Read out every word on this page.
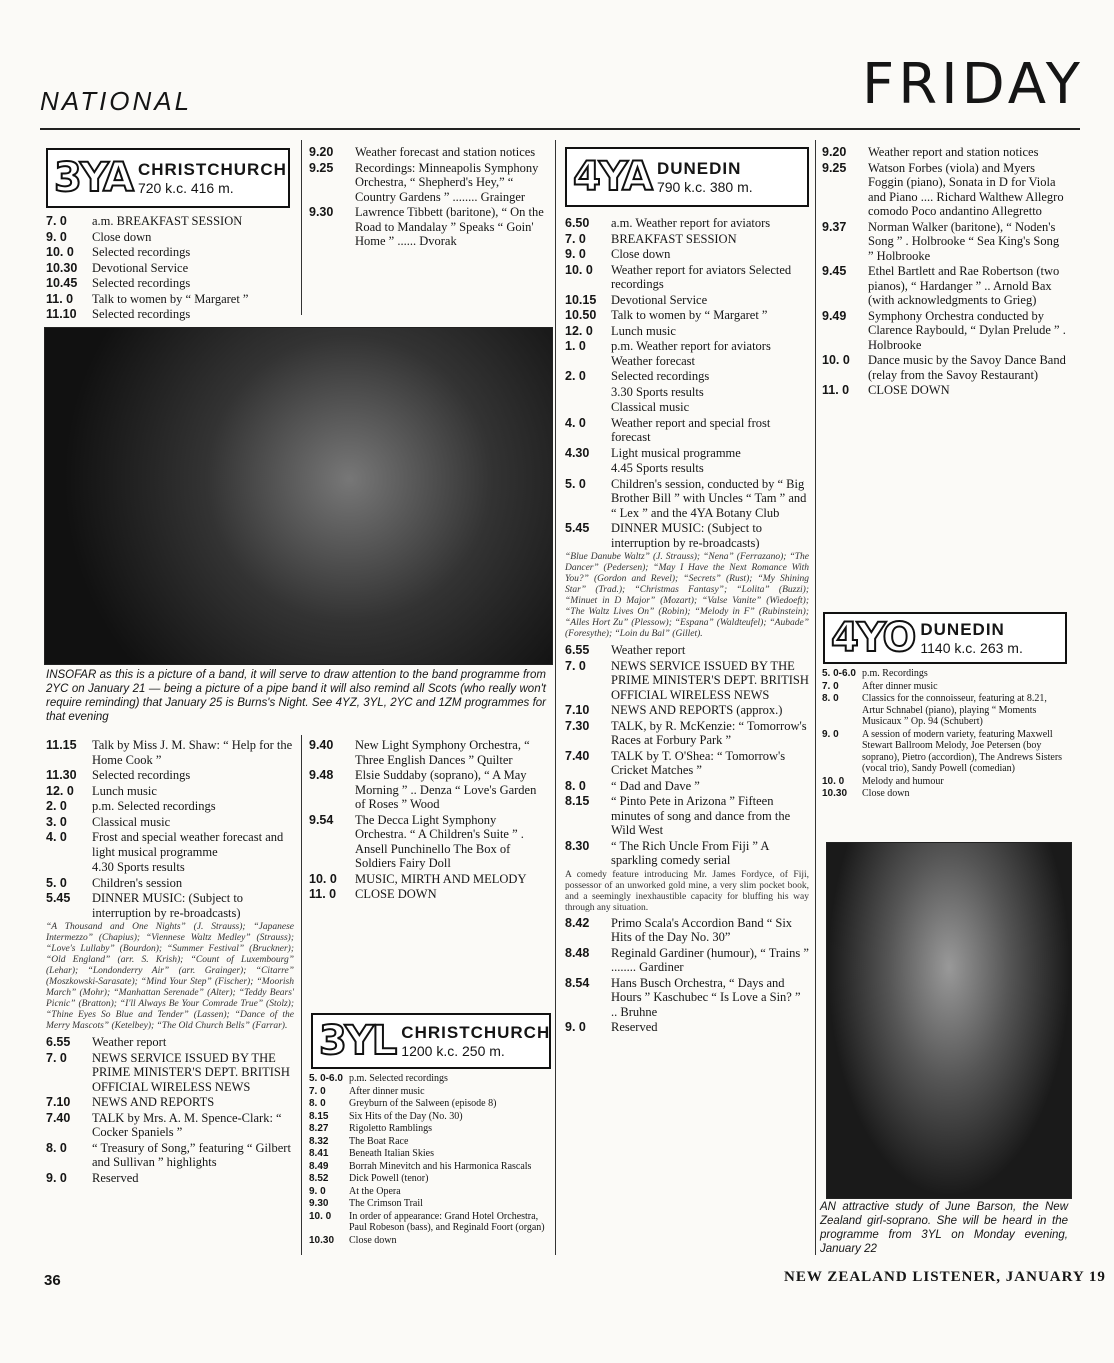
NATIONAL	FRIDAY
3YA CHRISTCHURCH
720 k.c. 416 m.
7. 0	a.m. BREAKFAST SESSION
9. 0	Close down
10. 0	Selected recordings
10.30	Devotional Service
10.45	Selected recordings
11. 0	Talk to women by “ Margaret ”
11.10	Selected recordings
9.20	Weather forecast and station notices
9.25	Recordings: Minneapolis Symphony Orchestra, “ Shepherd's Hey,” “ Country Gardens ” ........ Grainger
9.30	Lawrence Tibbett (baritone), “ On the Road to Mandalay ” Speaks “ Goin' Home ” ...... Dvorak
INSOFAR as this is a picture of a band, it will serve to draw attention to the band programme from 2YC on January 21 — being a picture of a pipe band it will also remind all Scots (who really won't require reminding) that January 25 is Burns's Night. See 4YZ, 3YL, 2YC and 1ZM programmes for that evening
11.15	Talk by Miss J. M. Shaw: “ Help for the Home Cook ”
11.30	Selected recordings
12. 0	Lunch music
2. 0	p.m. Selected recordings
3. 0	Classical music
4. 0	Frost and special weather forecast and light musical programme
4.30 Sports results
5. 0	Children's session
5.45	DINNER MUSIC: (Subject to interruption by re-broadcasts)
“A Thousand and One Nights” (J. Strauss); “Japanese Intermezzo” (Chapius); “Viennese Waltz Medley” (Strauss); “Love's Lullaby” (Bourdon); “Summer Festival” (Bruckner); “Old England” (arr. S. Krish); “Count of Luxembourg” (Lehar); “Londonderry Air” (arr. Grainger); “Citarre” (Moszkowski-Sarasate); “Mind Your Step” (Fischer); “Moorish March” (Mohr); “Manhattan Serenade” (Alter); “Teddy Bears' Picnic” (Bratton); “I'll Always Be Your Comrade True” (Stolz); “Thine Eyes So Blue and Tender” (Lassen); “Dance of the Merry Mascots” (Ketelbey); “The Old Church Bells” (Farrar).
6.55	Weather report
7. 0	NEWS SERVICE ISSUED BY THE PRIME MINISTER'S DEPT. BRITISH OFFICIAL WIRELESS NEWS
7.10	NEWS AND REPORTS
7.40	TALK by Mrs. A. M. Spence-Clark: “ Cocker Spaniels ”
8. 0	“ Treasury of Song,” featuring “ Gilbert and Sullivan ” highlights
9. 0	Reserved
9.40	New Light Symphony Orchestra, “ Three English Dances ” Quilter
9.48	Elsie Suddaby (soprano), “ A May Morning ” .. Denza “ Love's Garden of Roses ” Wood
9.54	The Decca Light Symphony Orchestra. “ A Children's Suite ” . Ansell Punchinello The Box of Soldiers Fairy Doll
10. 0	MUSIC, MIRTH AND MELODY
11. 0	CLOSE DOWN
3YL CHRISTCHURCH
1200 k.c. 250 m.
5. 0-6.0 p.m. Selected recordings
7. 0	After dinner music
8. 0	Greyburn of the Salween (episode 8)
8.15	Six Hits of the Day (No. 30)
8.27	Rigoletto Ramblings
8.32	The Boat Race
8.41	Beneath Italian Skies
8.49	Borrah Minevitch and his Harmonica Rascals
8.52	Dick Powell (tenor)
9. 0	At the Opera
9.30	The Crimson Trail
10. 0	In order of appearance: Grand Hotel Orchestra, Paul Robeson (bass), and Reginald Foort (organ)
10.30	Close down
4YA DUNEDIN
790 k.c. 380 m.
6.50	a.m. Weather report for aviators
7. 0	BREAKFAST SESSION
9. 0	Close down
10. 0	Weather report for aviators Selected recordings
10.15	Devotional Service
10.50	Talk to women by “ Margaret ”
12. 0	Lunch music
1. 0	p.m. Weather report for aviators Weather forecast
2. 0	Selected recordings
3.30 Sports results
Classical music
4. 0	Weather report and special frost forecast
4.30	Light musical programme
4.45 Sports results
5. 0	Children's session, conducted by “ Big Brother Bill ” with Uncles “ Tam ” and “ Lex ” and the 4YA Botany Club
5.45	DINNER MUSIC: (Subject to interruption by re-broadcasts)
“Blue Danube Waltz” (J. Strauss); “Nena” (Ferrazano); “The Dancer” (Pedersen); “May I Have the Next Romance With You?” (Gordon and Revel); “Secrets” (Rust); “My Shining Star” (Trad.); “Christmas Fantasy”; “Lolita” (Buzzi); “Minuet in D Major” (Mozart); “Valse Vanite” (Wiedoeft); “The Waltz Lives On” (Robin); “Melody in F” (Rubinstein); “Alles Hort Zu” (Plessow); “Espana” (Waldteufel); “Aubade” (Foresythe); “Loin du Bal” (Gillet).
6.55	Weather report
7. 0	NEWS SERVICE ISSUED BY THE PRIME MINISTER'S DEPT. BRITISH OFFICIAL WIRELESS NEWS
7.10	NEWS AND REPORTS (approx.)
7.30	TALK, by R. McKenzie: “ Tomorrow's Races at Forbury Park ”
7.40	TALK by T. O'Shea: “ Tomorrow's Cricket Matches ”
8. 0	“ Dad and Dave ”
8.15	“ Pinto Pete in Arizona ” Fifteen minutes of song and dance from the Wild West
8.30	“ The Rich Uncle From Fiji ” A sparkling comedy serial
A comedy feature introducing Mr. James Fordyce, of Fiji, possessor of an unworked gold mine, a very slim pocket book, and a seemingly inexhaustible capacity for bluffing his way through any situation.
8.42	Primo Scala's Accordion Band “ Six Hits of the Day No. 30”
8.48	Reginald Gardiner (humour), “ Trains ” ........ Gardiner
8.54	Hans Busch Orchestra, “ Days and Hours ” Kaschubec “ Is Love a Sin? ” .. Bruhne
9. 0	Reserved
9.20	Weather report and station notices
9.25	Watson Forbes (viola) and Myers Foggin (piano), Sonata in D for Viola and Piano .... Richard Walthew Allegro comodo Poco andantino Allegretto
9.37	Norman Walker (baritone), “ Noden's Song ” . Holbrooke “ Sea King's Song ” Holbrooke
9.45	Ethel Bartlett and Rae Robertson (two pianos), “ Hardanger ” .. Arnold Bax (with acknowledgments to Grieg)
9.49	Symphony Orchestra conducted by Clarence Raybould, “ Dylan Prelude ” . Holbrooke
10. 0	Dance music by the Savoy Dance Band (relay from the Savoy Restaurant)
11. 0	CLOSE DOWN
4YO DUNEDIN
1140 k.c. 263 m.
5. 0-6.0 p.m. Recordings
7. 0	After dinner music
8. 0	Classics for the connoisseur, featuring at 8.21, Artur Schnabel (piano), playing “ Moments Musicaux ” Op. 94 (Schubert)
9. 0	A session of modern variety, featuring Maxwell Stewart Ballroom Melody, Joe Petersen (boy soprano), Pietro (accordion), The Andrews Sisters (vocal trio), Sandy Powell (comedian)
10. 0	Melody and humour
10.30	Close down
AN attractive study of June Barson, the New Zealand girl-soprano. She will be heard in the programme from 3YL on Monday evening, January 22
36	NEW ZEALAND LISTENER, JANUARY 19
